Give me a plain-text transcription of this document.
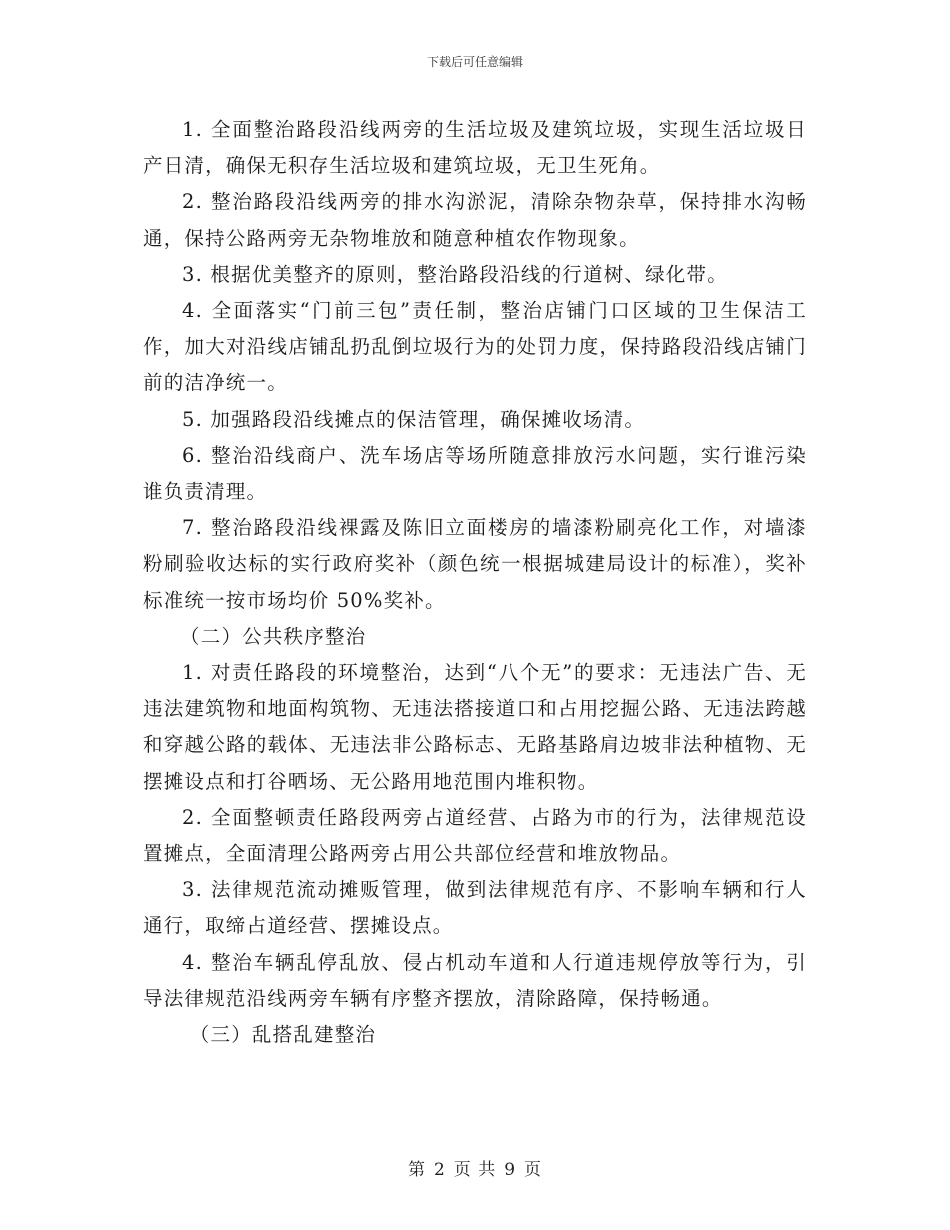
下载后可任意编辑

1. 全面整治路段沿线两旁的生活垃圾及建筑垃圾，实现生活垃圾日产日清，确保无积存生活垃圾和建筑垃圾，无卫生死角。

2. 整治路段沿线两旁的排水沟淤泥，清除杂物杂草，保持排水沟畅通，保持公路两旁无杂物堆放和随意种植农作物现象。

3. 根据优美整齐的原则，整治路段沿线的行道树、绿化带。

4. 全面落实“门前三包”责任制，整治店铺门口区域的卫生保洁工作，加大对沿线店铺乱扔乱倒垃圾行为的处罚力度，保持路段沿线店铺门前的洁净统一。

5. 加强路段沿线摊点的保洁管理，确保摊收场清。

6. 整治沿线商户、洗车场店等场所随意排放污水问题，实行谁污染谁负责清理。

7. 整治路段沿线裸露及陈旧立面楼房的墙漆粉刷亮化工作，对墙漆粉刷验收达标的实行政府奖补（颜色统一根据城建局设计的标准），奖补标准统一按市场均价 50%奖补。

（二）公共秩序整治

1. 对责任路段的环境整治，达到“八个无”的要求：无违法广告、无违法建筑物和地面构筑物、无违法搭接道口和占用挖掘公路、无违法跨越和穿越公路的载体、无违法非公路标志、无路基路肩边坡非法种植物、无摆摊设点和打谷晒场、无公路用地范围内堆积物。

2. 全面整顿责任路段两旁占道经营、占路为市的行为，法律规范设置摊点，全面清理公路两旁占用公共部位经营和堆放物品。

3. 法律规范流动摊贩管理，做到法律规范有序、不影响车辆和行人通行，取缔占道经营、摆摊设点。

4. 整治车辆乱停乱放、侵占机动车道和人行道违规停放等行为，引导法律规范沿线两旁车辆有序整齐摆放，清除路障，保持畅通。

（三）乱搭乱建整治

第 2 页 共 9 页
